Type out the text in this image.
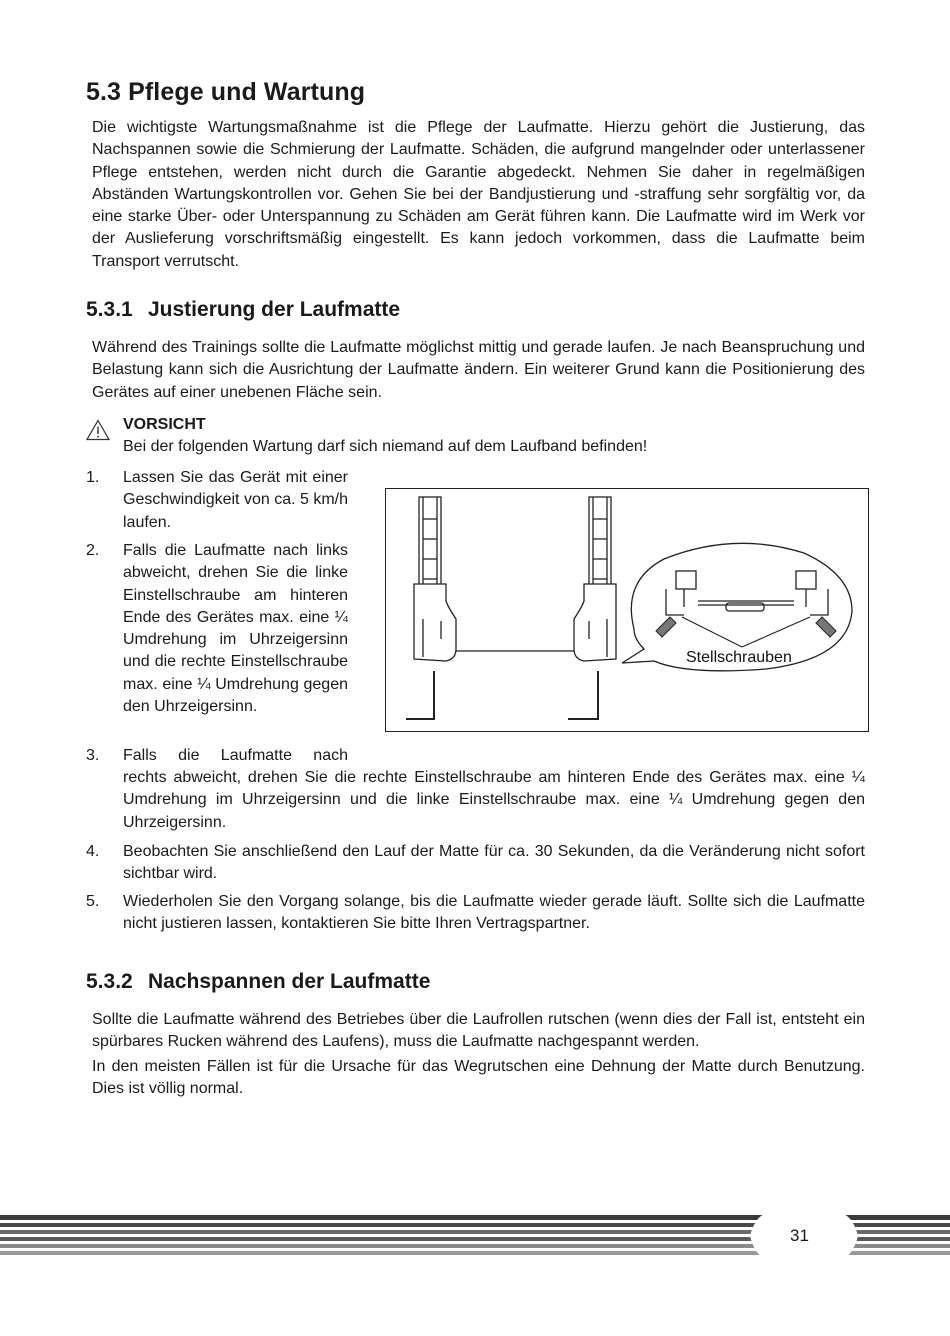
5.3 Pflege und Wartung

Die wichtigste Wartungsmaßnahme ist die Pflege der Laufmatte. Hierzu gehört die Justierung, das Nachspannen sowie die Schmierung der Laufmatte. Schäden, die aufgrund mangelnder oder unterlassener Pflege entstehen, werden nicht durch die Garantie abgedeckt. Nehmen Sie daher in regelmäßigen Abständen Wartungskontrollen vor. Gehen Sie bei der Bandjustierung und -straffung sehr sorgfältig vor, da eine starke Über- oder Unterspannung zu Schäden am Gerät führen kann. Die Laufmatte wird im Werk vor der Auslieferung vorschriftsmäßig eingestellt. Es kann jedoch vorkommen, dass die Laufmatte beim Transport verrutscht.

5.3.1 Justierung der Laufmatte

Während des Trainings sollte die Laufmatte möglichst mittig und gerade laufen. Je nach Beanspruchung und Belastung kann sich die Ausrichtung der Laufmatte ändern. Ein weiterer Grund kann die Positionierung des Gerätes auf einer unebenen Fläche sein.

VORSICHT
Bei der folgenden Wartung darf sich niemand auf dem Laufband befinden!
1. Lassen Sie das Gerät mit einer Geschwindigkeit von ca. 5 km/h laufen.
2. Falls die Laufmatte nach links abweicht, drehen Sie die linke Einstellschraube am hinteren Ende des Gerätes max. eine ¼ Umdrehung im Uhrzeigersinn und die rechte Einstellschraube max. eine ¼ Umdrehung gegen den Uhrzeigersinn.
3. Falls die Laufmatte nach
rechts abweicht, drehen Sie die rechte Einstellschraube am hinteren Ende des Gerätes max. eine ¼ Umdrehung im Uhrzeigersinn und die linke Einstellschraube max. eine ¼ Umdrehung gegen den Uhrzeigersinn.
4. Beobachten Sie anschließend den Lauf der Matte für ca. 30 Sekunden, da die Veränderung nicht sofort sichtbar wird.
5. Wiederholen Sie den Vorgang solange, bis die Laufmatte wieder gerade läuft. Sollte sich die Laufmatte nicht justieren lassen, kontaktieren Sie bitte Ihren Vertragspartner.
Stellschrauben
5.3.2 Nachspannen der Laufmatte

Sollte die Laufmatte während des Betriebes über die Laufrollen rutschen (wenn dies der Fall ist, entsteht ein spürbares Rucken während des Laufens), muss die Laufmatte nachgespannt werden.

In den meisten Fällen ist für die Ursache für das Wegrutschen eine Dehnung der Matte durch Benutzung. Dies ist völlig normal.

31
